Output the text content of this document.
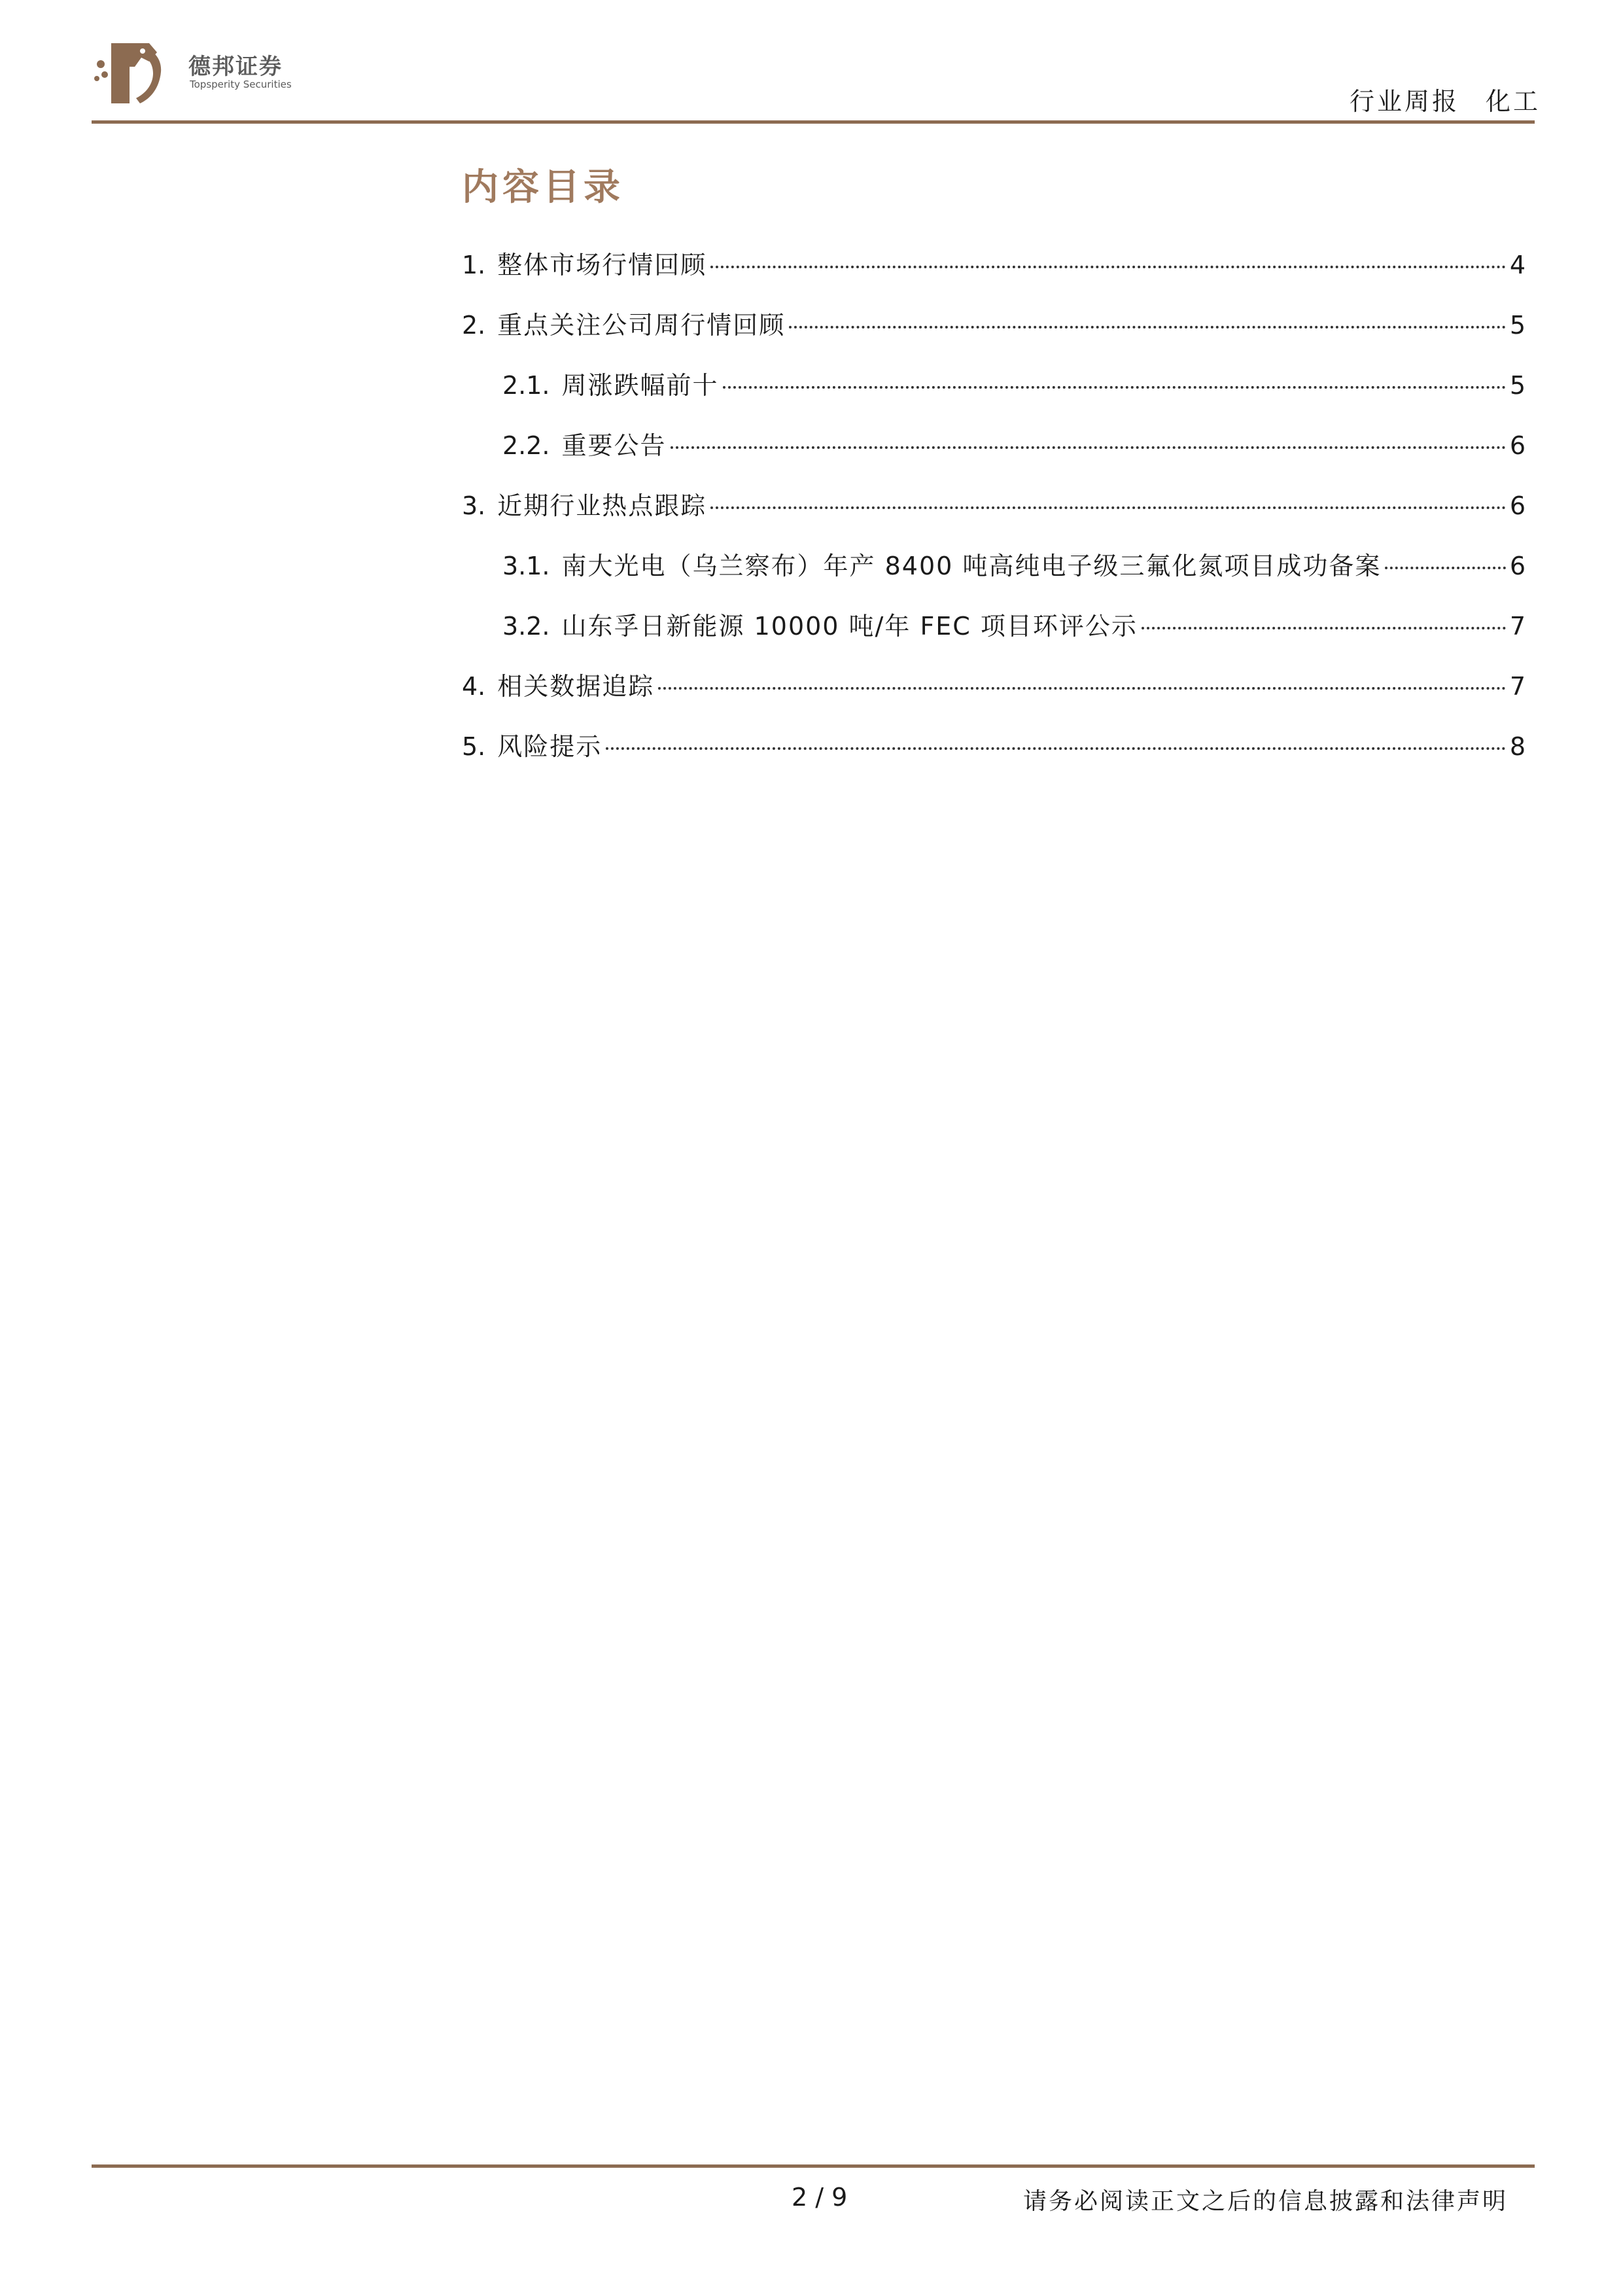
德邦证券
Topsperity Securities
行业周报 化工
内容目录
1. 整体市场行情回顾	4
2. 重点关注公司周行情回顾	5
2.1. 周涨跌幅前十	5
2.2. 重要公告	6
3. 近期行业热点跟踪	6
3.1. 南大光电（乌兰察布）年产 8400 吨高纯电子级三氟化氮项目成功备案	6
3.2. 山东孚日新能源 10000 吨/年 FEC 项目环评公示	7
4. 相关数据追踪	7
5. 风险提示	8
2 / 9	请务必阅读正文之后的信息披露和法律声明
